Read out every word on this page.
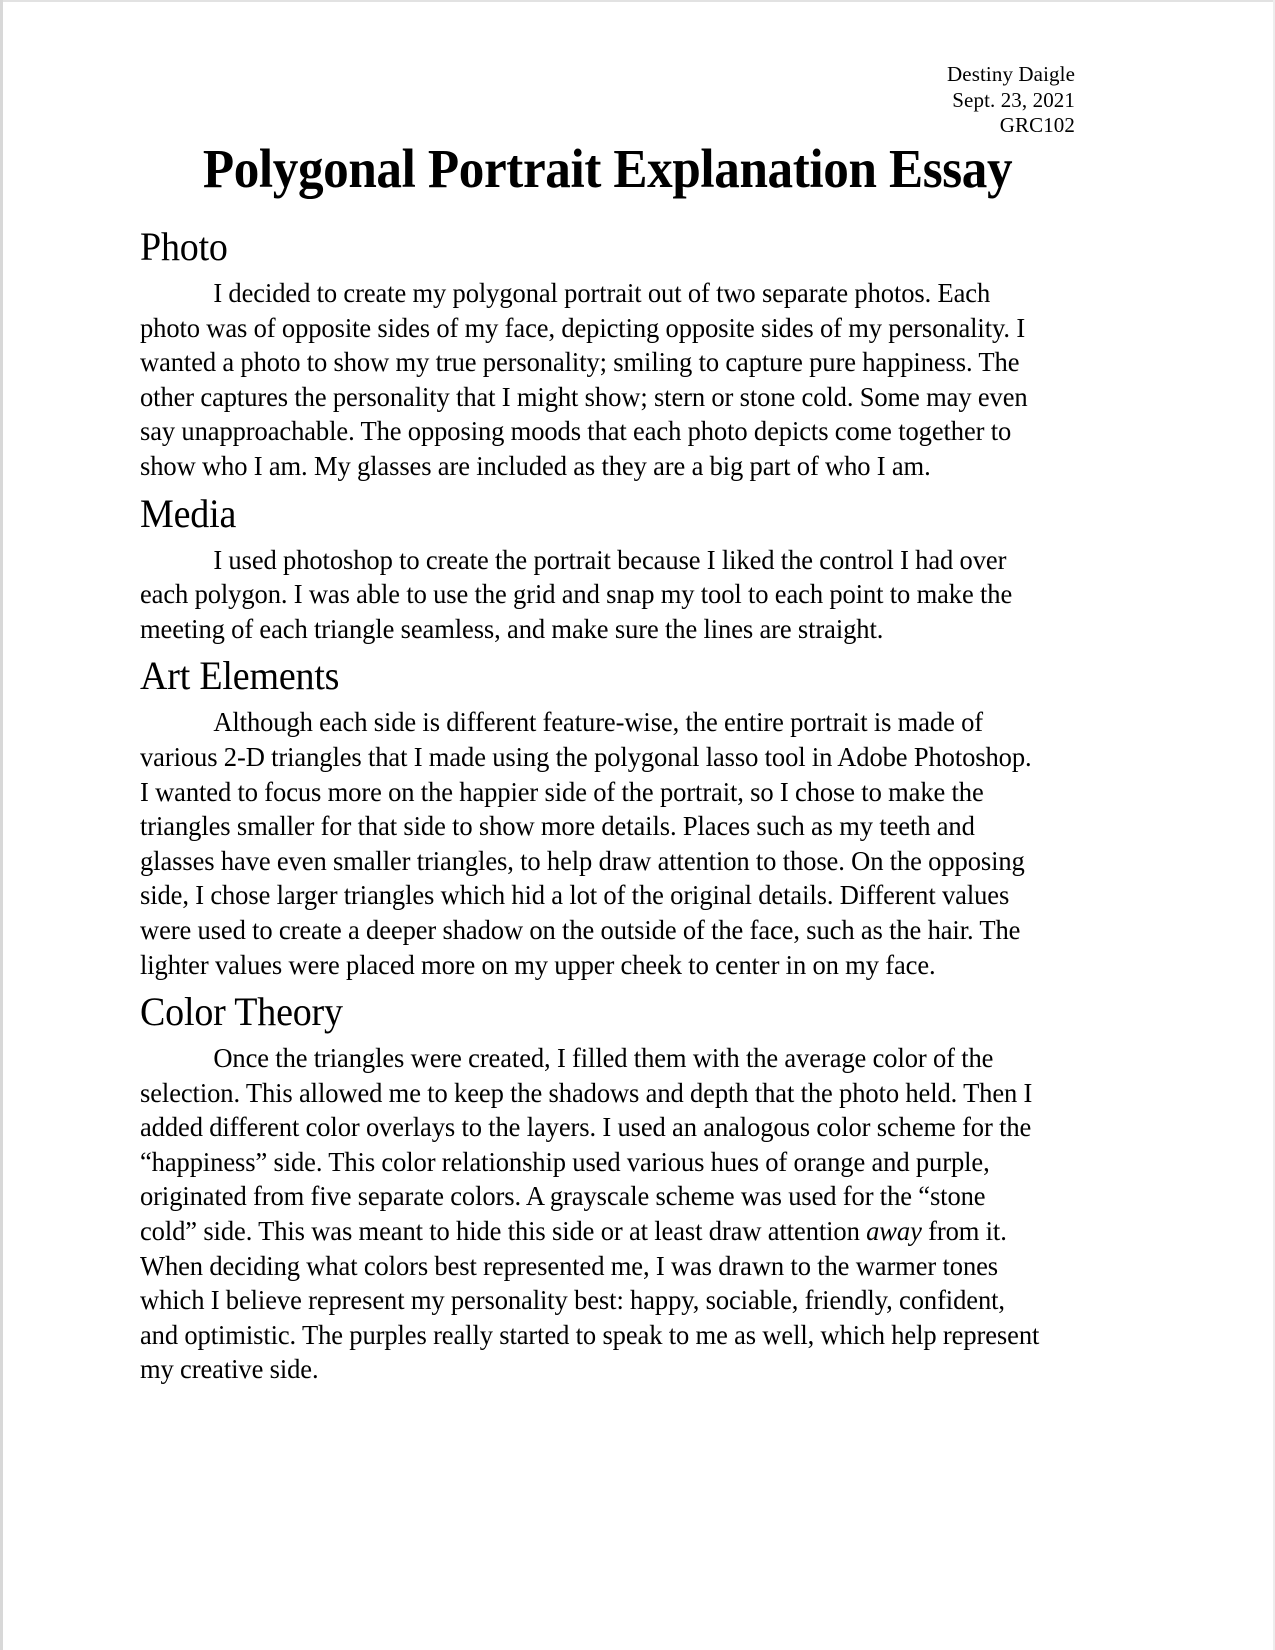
Destiny Daigle
Sept. 23, 2021
GRC102
Polygonal Portrait Explanation Essay
Photo

I decided to create my polygonal portrait out of two separate photos. Each photo was of opposite sides of my face, depicting opposite sides of my personality. I wanted a photo to show my true personality; smiling to capture pure happiness. The other captures the personality that I might show; stern or stone cold. Some may even say unapproachable. The opposing moods that each photo depicts come together to show who I am. My glasses are included as they are a big part of who I am.

Media

I used photoshop to create the portrait because I liked the control I had over each polygon. I was able to use the grid and snap my tool to each point to make the meeting of each triangle seamless, and make sure the lines are straight.

Art Elements

Although each side is different feature-wise, the entire portrait is made of various 2-D triangles that I made using the polygonal lasso tool in Adobe Photoshop. I wanted to focus more on the happier side of the portrait, so I chose to make the triangles smaller for that side to show more details. Places such as my teeth and glasses have even smaller triangles, to help draw attention to those. On the opposing side, I chose larger triangles which hid a lot of the original details. Different values were used to create a deeper shadow on the outside of the face, such as the hair. The lighter values were placed more on my upper cheek to center in on my face.

Color Theory

Once the triangles were created, I filled them with the average color of the selection. This allowed me to keep the shadows and depth that the photo held. Then I added different color overlays to the layers. I used an analogous color scheme for the “happiness” side. This color relationship used various hues of orange and purple, originated from five separate colors. A grayscale scheme was used for the “stone cold” side. This was meant to hide this side or at least draw attention away from it. When deciding what colors best represented me, I was drawn to the warmer tones which I believe represent my personality best: happy, sociable, friendly, confident, and optimistic. The purples really started to speak to me as well, which help represent my creative side.
